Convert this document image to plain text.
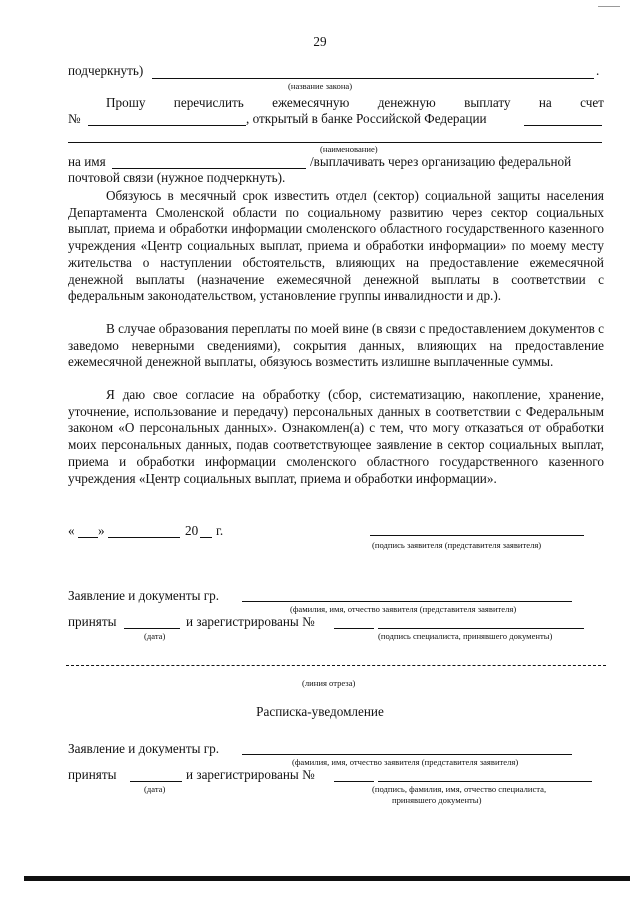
29
подчеркнуть)	.
(название закона)
Прошу перечислить ежемесячную денежную выплату на счет
№	, открытый в банке Российской Федерации
(наименование)
на имя	/выплачивать через организацию федеральной
почтовой связи (нужное подчеркнуть).
Обязуюсь в месячный срок известить отдел (сектор) социальной защиты населения Департамента Смоленской области по социальному развитию через сектор социальных выплат, приема и обработки информации смоленского областного государственного казенного учреждения «Центр социальных выплат, приема и обработки информации» по моему месту жительства о наступлении обстоятельств, влияющих на предоставление ежемесячной денежной выплаты (назначение ежемесячной денежной выплаты в соответствии с федеральным законодательством, установление группы инвалидности и др.).
В случае образования переплаты по моей вине (в связи с предоставлением документов с заведомо неверными сведениями), сокрытия данных, влияющих на предоставление ежемесячной денежной выплаты, обязуюсь возместить излишне выплаченные суммы.
Я даю свое согласие на обработку (сбор, систематизацию, накопление, хранение, уточнение, использование и передачу) персональных данных в соответствии с Федеральным законом «О персональных данных». Ознакомлен(а) с тем, что могу отказаться от обработки моих персональных данных, подав соответствующее заявление в сектор социальных выплат, приема и обработки информации смоленского областного государственного казенного учреждения «Центр социальных выплат, приема и обработки информации».
« »	20 г.
(подпись заявителя (представителя заявителя)
Заявление и документы гр.
(фамилия, имя, отчество заявителя (представителя заявителя)
приняты
(дата)
и зарегистрированы №
(подпись специалиста, принявшего документы)
(линия отреза)
Расписка-уведомление
Заявление и документы гр.
(фамилия, имя, отчество заявителя (представителя заявителя)
приняты
(дата)
и зарегистрированы №
(подпись, фамилия, имя, отчество специалиста,
принявшего документы)
